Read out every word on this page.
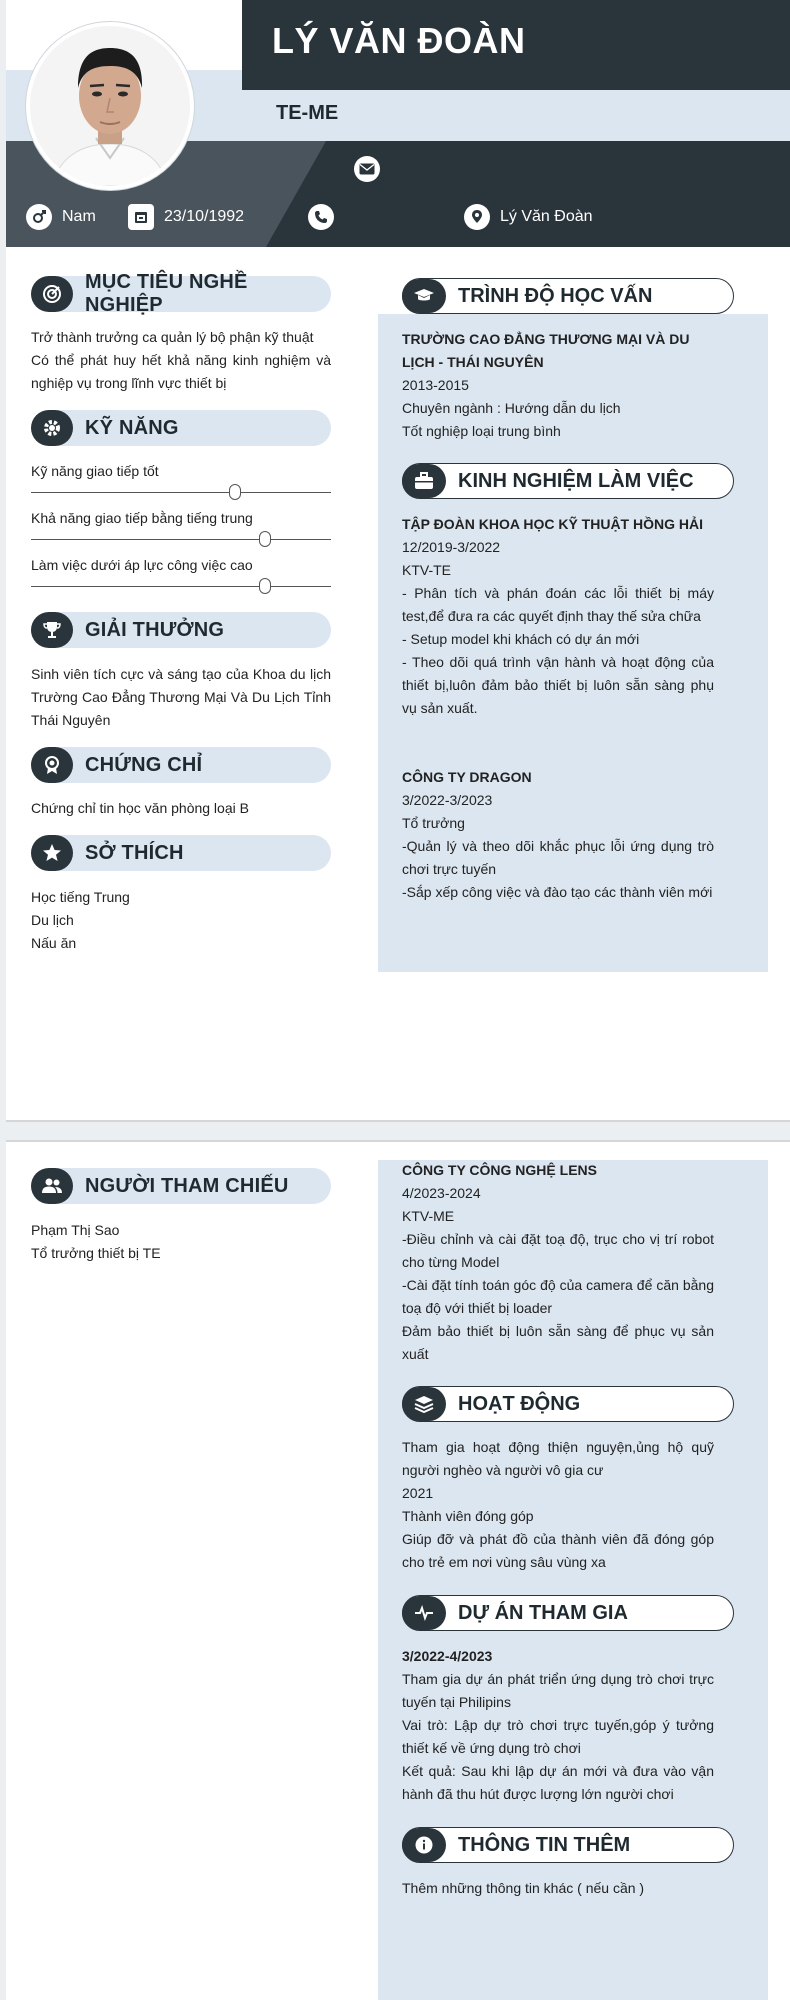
LÝ VĂN ĐOÀN
TE-ME
Nam	23/10/1992	Lý Văn Đoàn
MỤC TIÊU NGHỀ NGHIỆP
Trở thành trưởng ca quản lý bộ phận kỹ thuật
Có thể phát huy hết khả năng kinh nghiệm và nghiệp vụ trong lĩnh vực thiết bị
KỸ NĂNG
Kỹ năng giao tiếp tốt
Khả năng giao tiếp bằng tiếng trung
Làm việc dưới áp lực công việc cao
GIẢI THƯỞNG
Sinh viên tích cực và sáng tạo của Khoa du lịch Trường Cao Đẳng Thương Mại Và Du Lịch Tỉnh Thái Nguyên
CHỨNG CHỈ
Chứng chỉ tin học văn phòng loại B
SỞ THÍCH
Học tiếng Trung
Du lịch
Nấu ăn
TRÌNH ĐỘ HỌC VẤN
TRƯỜNG CAO ĐẲNG THƯƠNG MẠI VÀ DU LỊCH - THÁI NGUYÊN
2013-2015
Chuyên ngành : Hướng dẫn du lịch
Tốt nghiệp loại trung bình
KINH NGHIỆM LÀM VIỆC
TẬP ĐOÀN KHOA HỌC KỸ THUẬT HỒNG HẢI
12/2019-3/2022
KTV-TE
- Phân tích và phán đoán các lỗi thiết bị máy test,để đưa ra các quyết định thay thế sửa chữa
- Setup model khi khách có dự án mới
- Theo dõi quá trình vận hành và hoạt động của thiết bị,luôn đảm bảo thiết bị luôn sẵn sàng phụ vụ sản xuất.
CÔNG TY DRAGON
3/2022-3/2023
Tổ trưởng
-Quản lý và theo dõi khắc phục lỗi ứng dụng trò chơi trực tuyến
-Sắp xếp công việc và đào tạo các thành viên mới
NGƯỜI THAM CHIẾU
Phạm Thị Sao
Tổ trưởng thiết bị TE
CÔNG TY CÔNG NGHỆ LENS
4/2023-2024
KTV-ME
-Điều chỉnh và cài đặt toạ độ, trục cho vị trí robot cho từng Model
-Cài đặt tính toán góc độ của camera để căn bằng toạ độ với thiết bị loader
Đảm bảo thiết bị luôn sẵn sàng để phục vụ sản xuất
HOẠT ĐỘNG
Tham gia hoạt động thiện nguyện,ủng hộ quỹ người nghèo và người vô gia cư
2021
Thành viên đóng góp
Giúp đỡ và phát đồ của thành viên đã đóng góp cho trẻ em nơi vùng sâu vùng xa
DỰ ÁN THAM GIA
3/2022-4/2023
Tham gia dự án phát triển ứng dụng trò chơi trực tuyến tại Philipins
Vai trò: Lập dự trò chơi trực tuyến,góp ý tưởng thiết kế về ứng dụng trò chơi
Kết quả: Sau khi lập dự án mới và đưa vào vận hành đã thu hút được lượng lớn người chơi
THÔNG TIN THÊM
Thêm những thông tin khác ( nếu cần )
